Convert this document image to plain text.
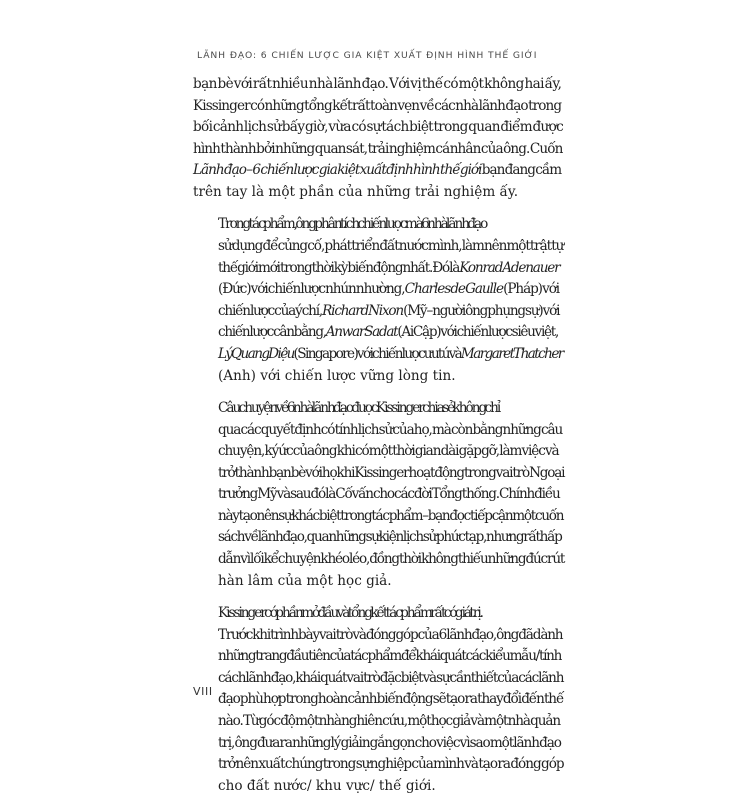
LÃNH ĐẠO: 6 CHIẾN LƯỢC GIA KIỆT XUẤT ĐỊNH HÌNH THẾ GIỚI

bạn bè với rất nhiều nhà lãnh đạo. Với vị thế có một không hai ấy,
Kissinger có những tổng kết rất toàn vẹn về các nhà lãnh đạo trong
bối cảnh lịch sử bấy giờ, vừa có sự tách biệt trong quan điểm được
hình thành bởi những quan sát, trải nghiệm cá nhân của ông. Cuốn
Lãnh đạo – 6 chiến lược gia kiệt xuất định hình thế giới bạn đang cầm
trên tay là một phần của những trải nghiệm ấy.

Trong tác phẩm, ông phân tích chiến lược mà 6 nhà lãnh đạo
sử dụng để củng cố, phát triển đất nước mình, làm nên một trật tự
thế giới mới trong thời kỳ biến động nhất. Đó là Konrad Adenauer
(Đức) với chiến lược nhún nhường, Charles de Gaulle (Pháp) với
chiến lược của ý chí, Richard Nixon (Mỹ – người ông phụng sự) với
chiến lược cân bằng, Anwar Sadat (Ai Cập) với chiến lược siêu việt,
Lý Quang Diệu (Singapore) với chiến lược ưu tú và Margaret Thatcher
(Anh) với chiến lược vững lòng tin.

Câu chuyện về 6 nhà lãnh đạo được Kissinger chia sẻ không chỉ
qua các quyết định có tính lịch sử của họ, mà còn bằng những câu
chuyện, ký ức của ông khi có một thời gian dài gặp gỡ, làm việc và
trở thành bạn bè với họ khi Kissinger hoạt động trong vai trò Ngoại
trưởng Mỹ và sau đó là Cố vấn cho các đời Tổng thống. Chính điều
này tạo nên sự khác biệt trong tác phẩm – bạn đọc tiếp cận một cuốn
sách về lãnh đạo, qua những sự kiện lịch sử phức tạp, nhưng rất hấp
dẫn vì lối kể chuyện khéo léo, đồng thời không thiếu những đúc rút
hàn lâm của một học giả.

Kissinger có phần mở đầu và tổng kết tác phẩm rất có giá trị.
Trước khi trình bày vai trò và đóng góp của 6 lãnh đạo, ông đã dành
những trang đầu tiên của tác phẩm để khái quát các kiểu mẫu/ tính
cách lãnh đạo, khái quát vai trò đặc biệt và sự cần thiết của các lãnh
đạo phù hợp trong hoàn cảnh biến động sẽ tạo ra thay đổi đến thế
nào. Từ góc độ một nhà nghiên cứu, một học giả và một nhà quản
trị, ông đưa ra những lý giải ngắn gọn cho việc vì sao một lãnh đạo
trở nên xuất chúng trong sự nghiệp của mình và tạo ra đóng góp
cho đất nước/ khu vực/ thế giới.

VIII
